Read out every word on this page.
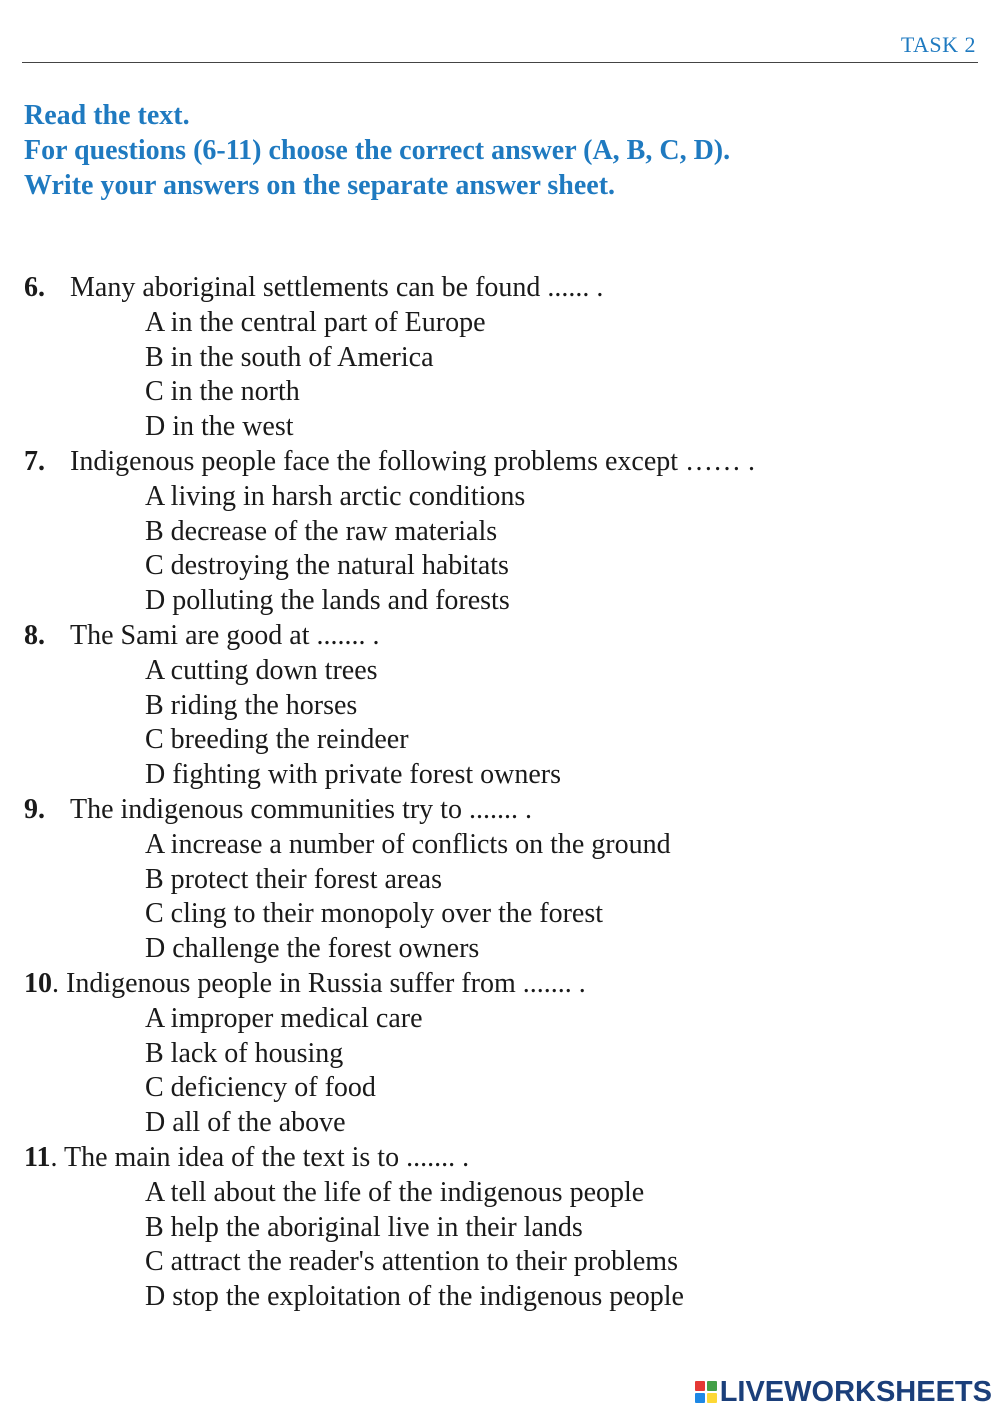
TASK 2
Read the text.
For questions (6-11) choose the correct answer (A, B, C, D).
Write your answers on the separate answer sheet.
6. Many aboriginal settlements can be found ...... .
A in the central part of Europe
B in the south of America
C in the north
D in the west
7. Indigenous people face the following problems except …… .
A living in harsh arctic conditions
B decrease of the raw materials
C destroying the natural habitats
D polluting the lands and forests
8. The Sami are good at ....... .
A cutting down trees
B riding the horses
C breeding the reindeer
D fighting with private forest owners
9. The indigenous communities try to ....... .
A increase a number of conflicts on the ground
B protect their forest areas
C cling to their monopoly over the forest
D challenge the forest owners
10. Indigenous people in Russia suffer from ....... .
A improper medical care
B lack of housing
C deficiency of food
D all of the above
11. The main idea of the text is to ....... .
A tell about the life of the indigenous people
B help the aboriginal live in their lands
C attract the reader's attention to their problems
D stop the exploitation of the indigenous people
LIVEWORKSHEETS
